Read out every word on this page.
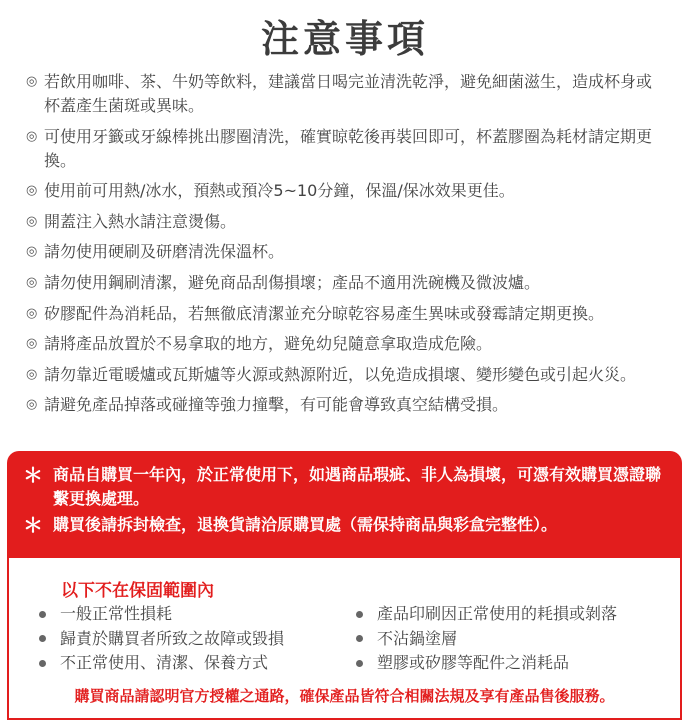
注意事項
◎ 若飲用咖啡、茶、牛奶等飲料，建議當日喝完並清洗乾淨，避免細菌滋生，造成杯身或杯蓋產生菌斑或異味。
◎ 可使用牙籤或牙線棒挑出膠圈清洗，確實晾乾後再裝回即可，杯蓋膠圈為耗材請定期更換。
◎ 使用前可用熱/冰水，預熱或預冷5~10分鐘，保溫/保冰效果更佳。
◎ 開蓋注入熱水請注意燙傷。
◎ 請勿使用硬刷及研磨清洗保溫杯。
◎ 請勿使用鋼刷清潔，避免商品刮傷損壞；產品不適用洗碗機及微波爐。
◎ 矽膠配件為消耗品，若無徹底清潔並充分晾乾容易產生異味或發霉請定期更換。
◎ 請將產品放置於不易拿取的地方，避免幼兒隨意拿取造成危險。
◎ 請勿靠近電暖爐或瓦斯爐等火源或熱源附近，以免造成損壞、變形變色或引起火災。
◎ 請避免產品掉落或碰撞等強力撞擊，有可能會導致真空結構受損。
＊ 商品自購買一年內，於正常使用下，如遇商品瑕疵、非人為損壞，可憑有效購買憑證聯繫更換處理。
＊ 購買後請拆封檢查，退換貨請洽原購買處（需保持商品與彩盒完整性）。
以下不在保固範圍內
一般正常性損耗
歸責於購買者所致之故障或毀損
不正常使用、清潔、保養方式
產品印刷因正常使用的耗損或剝落
不沾鍋塗層
塑膠或矽膠等配件之消耗品
購買商品請認明官方授權之通路，確保產品皆符合相關法規及享有產品售後服務。
